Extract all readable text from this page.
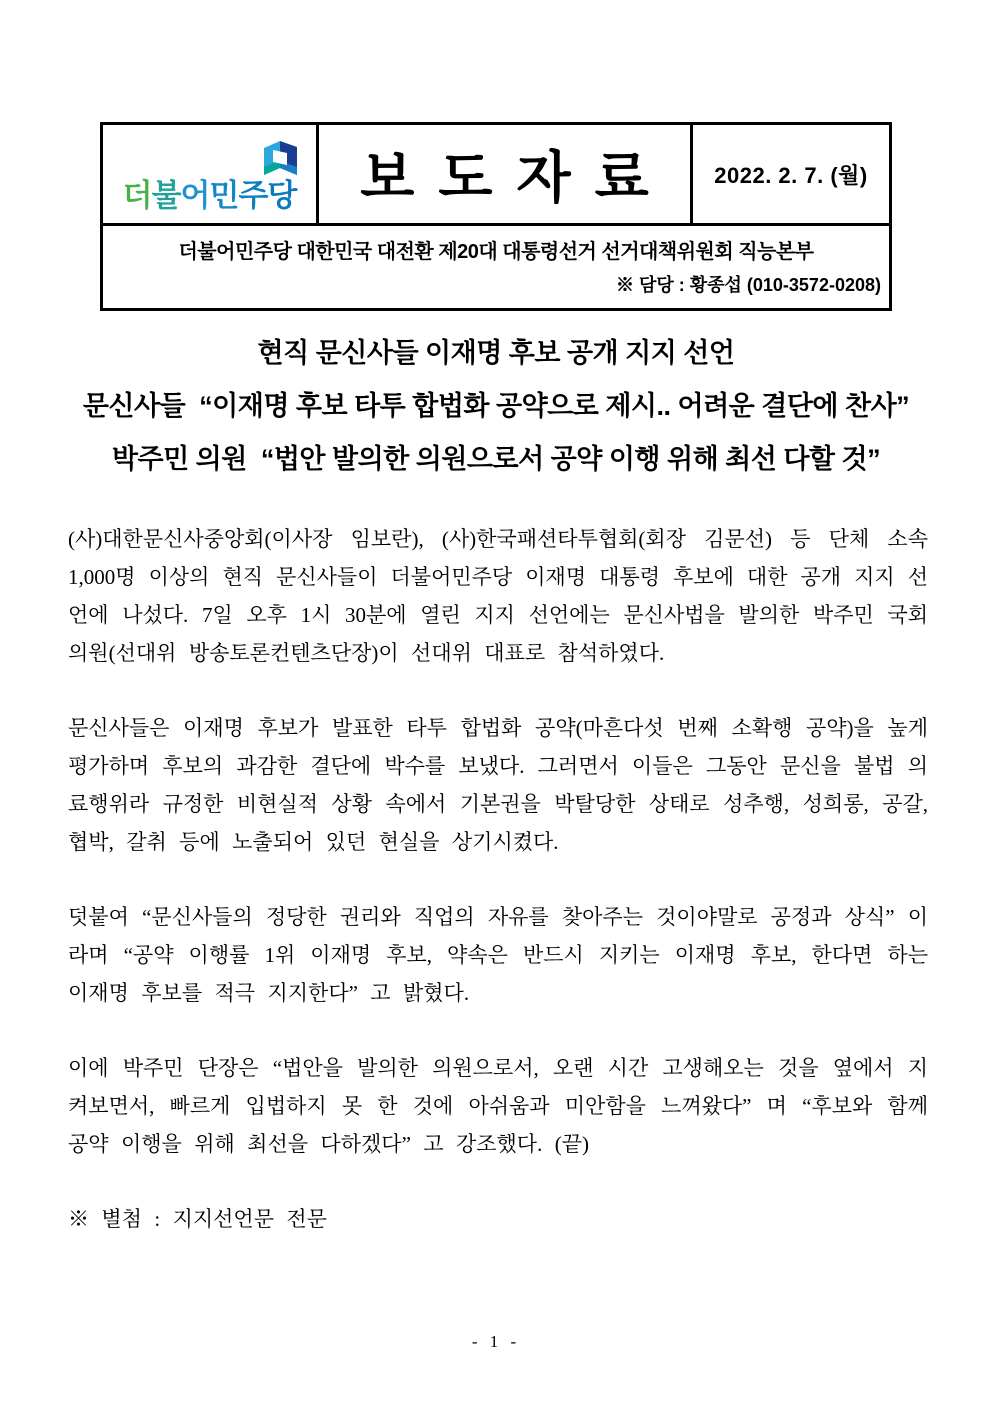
더불어민주당	보도자료	2022. 2. 7. (월)
더불어민주당 대한민국 대전환 제20대 대통령선거 선거대책위원회 직능본부
※ 담당 : 황종섭 (010-3572-0208)
현직 문신사들 이재명 후보 공개 지지 선언
문신사들  “이재명 후보 타투 합법화 공약으로 제시.. 어려운 결단에 찬사”
박주민 의원  “법안 발의한 의원으로서 공약 이행 위해 최선 다할 것”

(사)대한문신사중앙회(이사장 임보란), (사)한국패션타투협회(회장 김문선) 등 단체 소속 1,000명 이상의 현직 문신사들이 더불어민주당 이재명 대통령 후보에 대한 공개 지지 선언에 나섰다. 7일 오후 1시 30분에 열린 지지 선언에는 문신사법을 발의한 박주민 국회의원(선대위 방송토론컨텐츠단장)이 선대위 대표로 참석하였다.

문신사들은 이재명 후보가 발표한 타투 합법화 공약(마흔다섯 번째 소확행 공약)을 높게 평가하며 후보의 과감한 결단에 박수를 보냈다. 그러면서 이들은 그동안 문신을 불법 의료행위라 규정한 비현실적 상황 속에서 기본권을 박탈당한 상태로 성추행, 성희롱, 공갈, 협박, 갈취 등에 노출되어 있던 현실을 상기시켰다.

덧붙여 “문신사들의 정당한 권리와 직업의 자유를 찾아주는 것이야말로 공정과 상식” 이라며 “공약 이행률 1위 이재명 후보, 약속은 반드시 지키는 이재명 후보, 한다면 하는 이재명 후보를 적극 지지한다” 고 밝혔다.

이에 박주민 단장은 “법안을 발의한 의원으로서, 오랜 시간 고생해오는 것을 옆에서 지켜보면서, 빠르게 입법하지 못 한 것에 아쉬움과 미안함을 느껴왔다” 며 “후보와 함께 공약 이행을 위해 최선을 다하겠다” 고 강조했다. (끝)

※ 별첨 : 지지선언문 전문

- 1 -
